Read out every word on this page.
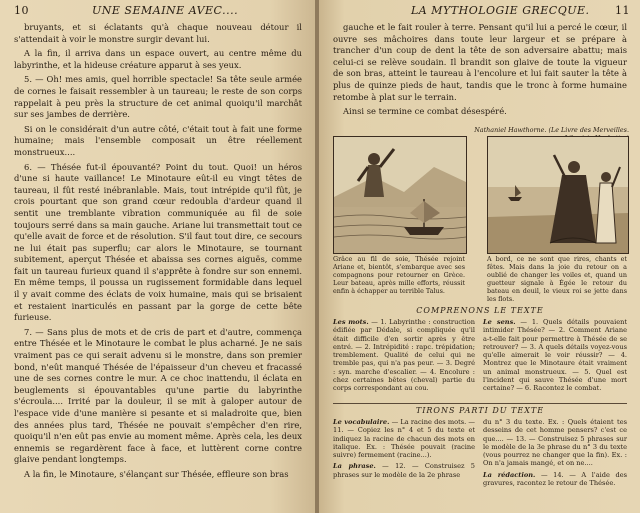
10	UNE SEMAINE AVEC....

bruyants, et si éclatants qu'à chaque nouveau détour il s'attendait à voir le monstre surgir devant lui.

A la fin, il arriva dans un espace ouvert, au centre même du labyrinthe, et la hideuse créature apparut à ses yeux.

5. — Oh! mes amis, quel horrible spectacle! Sa tête seule armée de cornes le faisait ressembler à un taureau; le reste de son corps rappelait à peu près la structure de cet animal quoiqu'il marchât sur ses jambes de derrière.

Si on le considérait d'un autre côté, c'était tout à fait une forme humaine; mais l'ensemble composait un être réellement monstrueux....

6. — Thésée fut-il épouvanté? Point du tout. Quoi! un héros d'une si haute vaillance! Le Minotaure eût-il eu vingt têtes de taureau, il fût resté inébranlable. Mais, tout intrépide qu'il fût, je crois pourtant que son grand cœur redoubla d'ardeur quand il sentit une tremblante vibration communiquée au fil de soie toujours serré dans sa main gauche. Ariane lui transmettait tout ce qu'elle avait de force et de résolution. S'il faut tout dire, ce secours ne lui était pas superflu; car alors le Minotaure, se tournant subitement, aperçut Thésée et abaissa ses cornes aiguës, comme fait un taureau furieux quand il s'apprête à fondre sur son ennemi. En même temps, il poussa un rugissement formidable dans lequel il y avait comme des éclats de voix humaine, mais qui se brisaient et restaient inarticulés en passant par la gorge de cette bête furieuse.

7. — Sans plus de mots et de cris de part et d'autre, commença entre Thésée et le Minotaure le combat le plus acharné. Je ne sais vraiment pas ce qui serait advenu si le monstre, dans son premier bond, n'eût manqué Thésée de l'épaisseur d'un cheveu et fracassé une de ses cornes contre le mur. A ce choc inattendu, il éclata en beuglements si épouvantables qu'une partie du labyrinthe s'écroula.... Irrité par la douleur, il se mit à galoper autour de l'espace vide d'une manière si pesante et si maladroite que, bien des années plus tard, Thésée ne pouvait s'empêcher d'en rire, quoiqu'il n'en eût pas envie au moment même. Après cela, les deux ennemis se regardèrent face à face, et luttèrent corne contre glaive pendant longtemps.

A la fin, le Minotaure, s'élançant sur Thésée, effleure son bras

LA MYTHOLOGIE GRECQUE. 11

gauche et le fait rouler à terre. Pensant qu'il lui a percé le cœur, il ouvre ses mâchoires dans toute leur largeur et se prépare à trancher d'un coup de dent la tête de son adversaire abattu; mais celui-ci se relève soudain. Il brandit son glaive de toute la vigueur de son bras, atteint le taureau à l'encolure et lui fait sauter la tête à plus de quinze pieds de haut, tandis que le tronc à forme humaine retombe à plat sur le terrain.

Ainsi se termine ce combat désespéré.

Nathaniel Hawthorne. (Le Livre des Merveilles.
Grâce au fil de soie, Thésée rejoint Ariane et, bientôt, s'embarque avec ses compagnons pour retourner en Grèce. Leur bateau, après mille efforts, réussit enfin à échapper au terrible Talus.
A bord, ce ne sont que rires, chants et fêtes. Mais dans la joie du retour on a oublié de changer les voiles et, quand un guetteur signale à Égée le retour du bateau en deuil, le vieux roi se jette dans les flots.
COMPRENONS LE TEXTE
Les mots. — 1. Labyrinthe : construction édifiée par Dédale, si compliquée qu'il était difficile d'en sortir après y être entré. — 2. Intrépidité : rapc. trépidation; tremblement. Qualité de celui qui ne tremble pas, qui n'a pas peur. — 3. Degré : syn. marche d'escalier. — 4. Encolure : chez certaines bêtes (cheval) partie du corps correspondant au cou.
Le sens. — 1. Quels détails pouvaient intimider Thésée? — 2. Comment Ariane a-t-elle fait pour permettre à Thésée de se retrouver? — 3. A quels détails voyez-vous qu'elle aimerait le voir réussir? — 4. Montrez que le Minotaure était vraiment un animal monstrueux. — 5. Quel est l'incident qui sauve Thésée d'une mort certaine? — 6. Racontez le combat.
TIRONS PARTI DU TEXTE
Le vocabulaire. — La racine des mots. — 11. — Copiez les n° 4 et 5 du texte et indiquez la racine de chacun des mots en italique. Ex. : Thésée pouvait (racine suivre) fermement (racine...).
La phrase. — 12. — Construisez 5 phrases sur le modèle de la 2e phrase
du n° 3 du texte. Ex. : Quels étaient tes desseins de cet homme pensers? c'est ce que.... — 13. — Construisez 5 phrases sur le modèle de la 3e phrase du n° 3 du texte (vous pourrez ne changer que la fin). Ex. : On n'a jamais mangé, et on ne....
La rédaction. — 14. — A l'aide des gravures, racontez le retour de Thésée.
